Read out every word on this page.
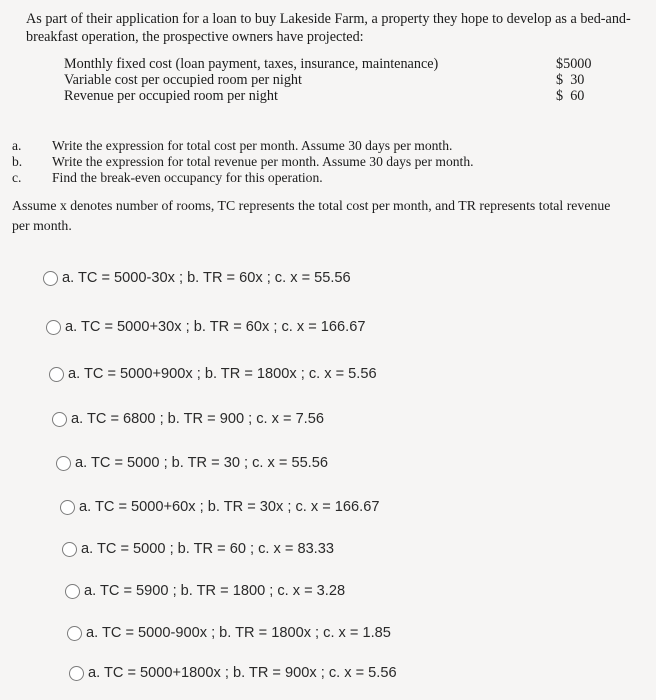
As part of their application for a loan to buy Lakeside Farm, a property they hope to develop as a bed-and-breakfast operation, the prospective owners have projected:

Monthly fixed cost (loan payment, taxes, insurance, maintenance)	$5000
Variable cost per occupied room per night	$  30
Revenue per occupied room per night	$  60
a.	Write the expression for total cost per month. Assume 30 days per month.
b.	Write the expression for total revenue per month. Assume 30 days per month.
c.	Find the break-even occupancy for this operation.
Assume x denotes number of rooms, TC represents the total cost per month, and TR represents total revenue per month.
a. TC = 5000-30x ; b. TR = 60x ; c. x = 55.56
a. TC = 5000+30x ; b. TR = 60x ; c. x = 166.67
a. TC = 5000+900x ; b. TR = 1800x ; c. x = 5.56
a. TC = 6800 ; b. TR = 900 ; c. x = 7.56
a. TC = 5000 ; b. TR = 30 ; c. x = 55.56
a. TC = 5000+60x ; b. TR = 30x ; c. x = 166.67
a. TC = 5000 ; b. TR = 60 ; c. x = 83.33
a. TC = 5900 ; b. TR = 1800 ; c. x = 3.28
a. TC = 5000-900x ; b. TR = 1800x ; c. x = 1.85
a. TC = 5000+1800x ; b. TR = 900x ; c. x = 5.56
